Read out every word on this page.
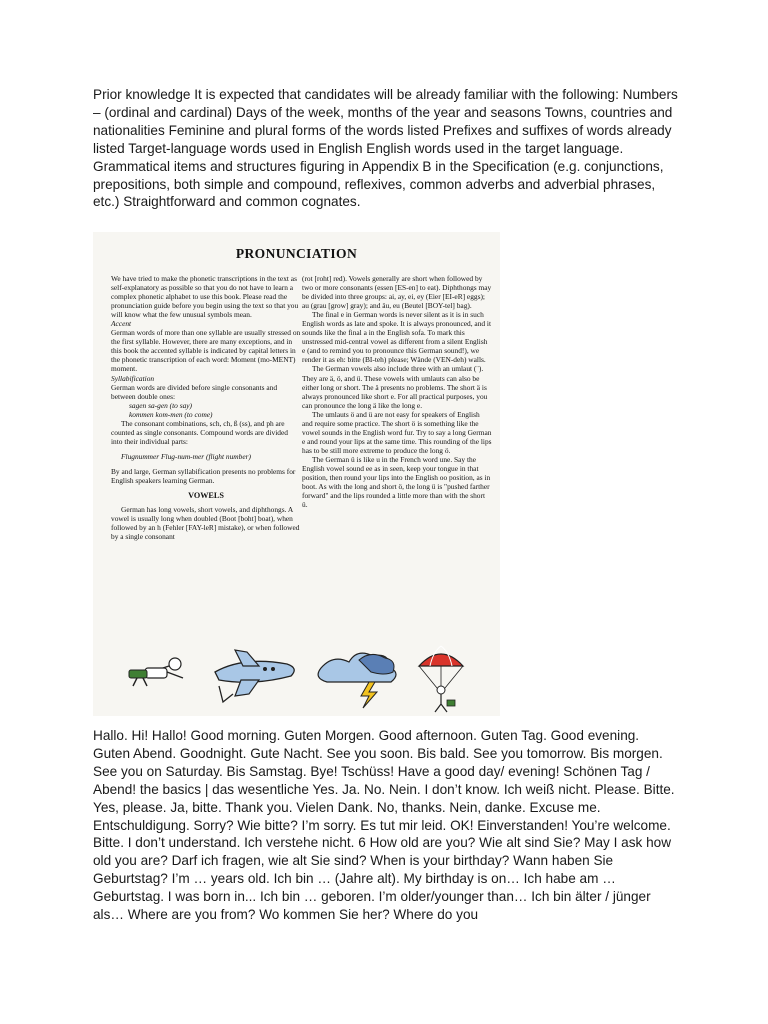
Prior knowledge It is expected that candidates will be already familiar with the following: Numbers – (ordinal and cardinal) Days of the week, months of the year and seasons Towns, countries and nationalities Feminine and plural forms of the words listed Prefixes and suffixes of words already listed Target-language words used in English English words used in the target language. Grammatical items and structures figuring in Appendix B in the Specification (e.g. conjunctions, prepositions, both simple and compound, reflexives, common adverbs and adverbial phrases, etc.) Straightforward and common cognates.

PRONUNCIATION

We have tried to make the phonetic transcriptions in the text as self-explanatory as possible so that you do not have to learn a complex phonetic alphabet to use this book. Please read the pronunciation guide before you begin using the text so that you will know what the few unusual symbols mean.

Accent

German words of more than one syllable are usually stressed on the first syllable. However, there are many exceptions, and in this book the accented syllable is indicated by capital letters in the phonetic transcription of each word: Moment (mo-MENT) moment.

Syllabification

German words are divided before single consonants and between double ones:

sagen sa-gen (to say)

kommen kom-men (to come)

The consonant combinations, sch, ch, ß (ss), and ph are counted as single consonants. Compound words are divided into their individual parts:

Flugnummer Flug-num-mer (flight number)

By and large, German syllabification presents no problems for English speakers learning German.

VOWELS

German has long vowels, short vowels, and diphthongs. A vowel is usually long when doubled (Boot [boht] boat), when followed by an h (Fehler [FAY-leR] mistake), or when followed by a single consonant

(rot [roht] red). Vowels generally are short when followed by two or more consonants (essen [ES-en] to eat). Diphthongs may be divided into three groups: ai, ay, ei, ey (Eier [EI-eR] eggs); au (grau [grow] gray); and äu, eu (Beutel [BOY-tel] bag).

The final e in German words is never silent as it is in such English words as late and spoke. It is always pronounced, and it sounds like the final a in the English sofa. To mark this unstressed mid-central vowel as different from a silent English e (and to remind you to pronounce this German sound!), we render it as eh: bitte (BI-teh) please; Wände (VEN-deh) walls.

The German vowels also include three with an umlaut (¨). They are ä, ö, and ü. These vowels with umlauts can also be either long or short. The ä presents no problems. The short ä is always pronounced like short e. For all practical purposes, you can pronounce the long ä like the long e.

The umlauts ö and ü are not easy for speakers of English and require some practice. The short ö is something like the vowel sounds in the English word fur. Try to say a long German e and round your lips at the same time. This rounding of the lips has to be still more extreme to produce the long ö.

The German ü is like u in the French word une. Say the English vowel sound ee as in seen, keep your tongue in that position, then round your lips into the English oo position, as in boot. As with the long and short ö, the long ü is "pushed farther forward" and the lips rounded a little more than with the short ü.

Hallo. Hi! Hallo! Good morning. Guten Morgen. Good afternoon. Guten Tag. Good evening. Guten Abend. Goodnight. Gute Nacht. See you soon. Bis bald. See you tomorrow. Bis morgen. See you on Saturday. Bis Samstag. Bye! Tschüss! Have a good day/ evening! Schönen Tag / Abend! the basics | das wesentliche Yes. Ja. No. Nein. I don’t know. Ich weiß nicht. Please. Bitte. Yes, please. Ja, bitte. Thank you. Vielen Dank. No, thanks. Nein, danke. Excuse me. Entschuldigung. Sorry? Wie bitte? I’m sorry. Es tut mir leid. OK! Einverstanden! You’re welcome. Bitte. I don’t understand. Ich verstehe nicht. 6 How old are you? Wie alt sind Sie? May I ask how old you are? Darf ich fragen, wie alt Sie sind? When is your birthday? Wann haben Sie Geburtstag? I’m … years old. Ich bin … (Jahre alt). My birthday is on… Ich habe am … Geburtstag. I was born in... Ich bin … geboren. I’m older/younger than… Ich bin älter / jünger als… Where are you from? Wo kommen Sie her? Where do you
